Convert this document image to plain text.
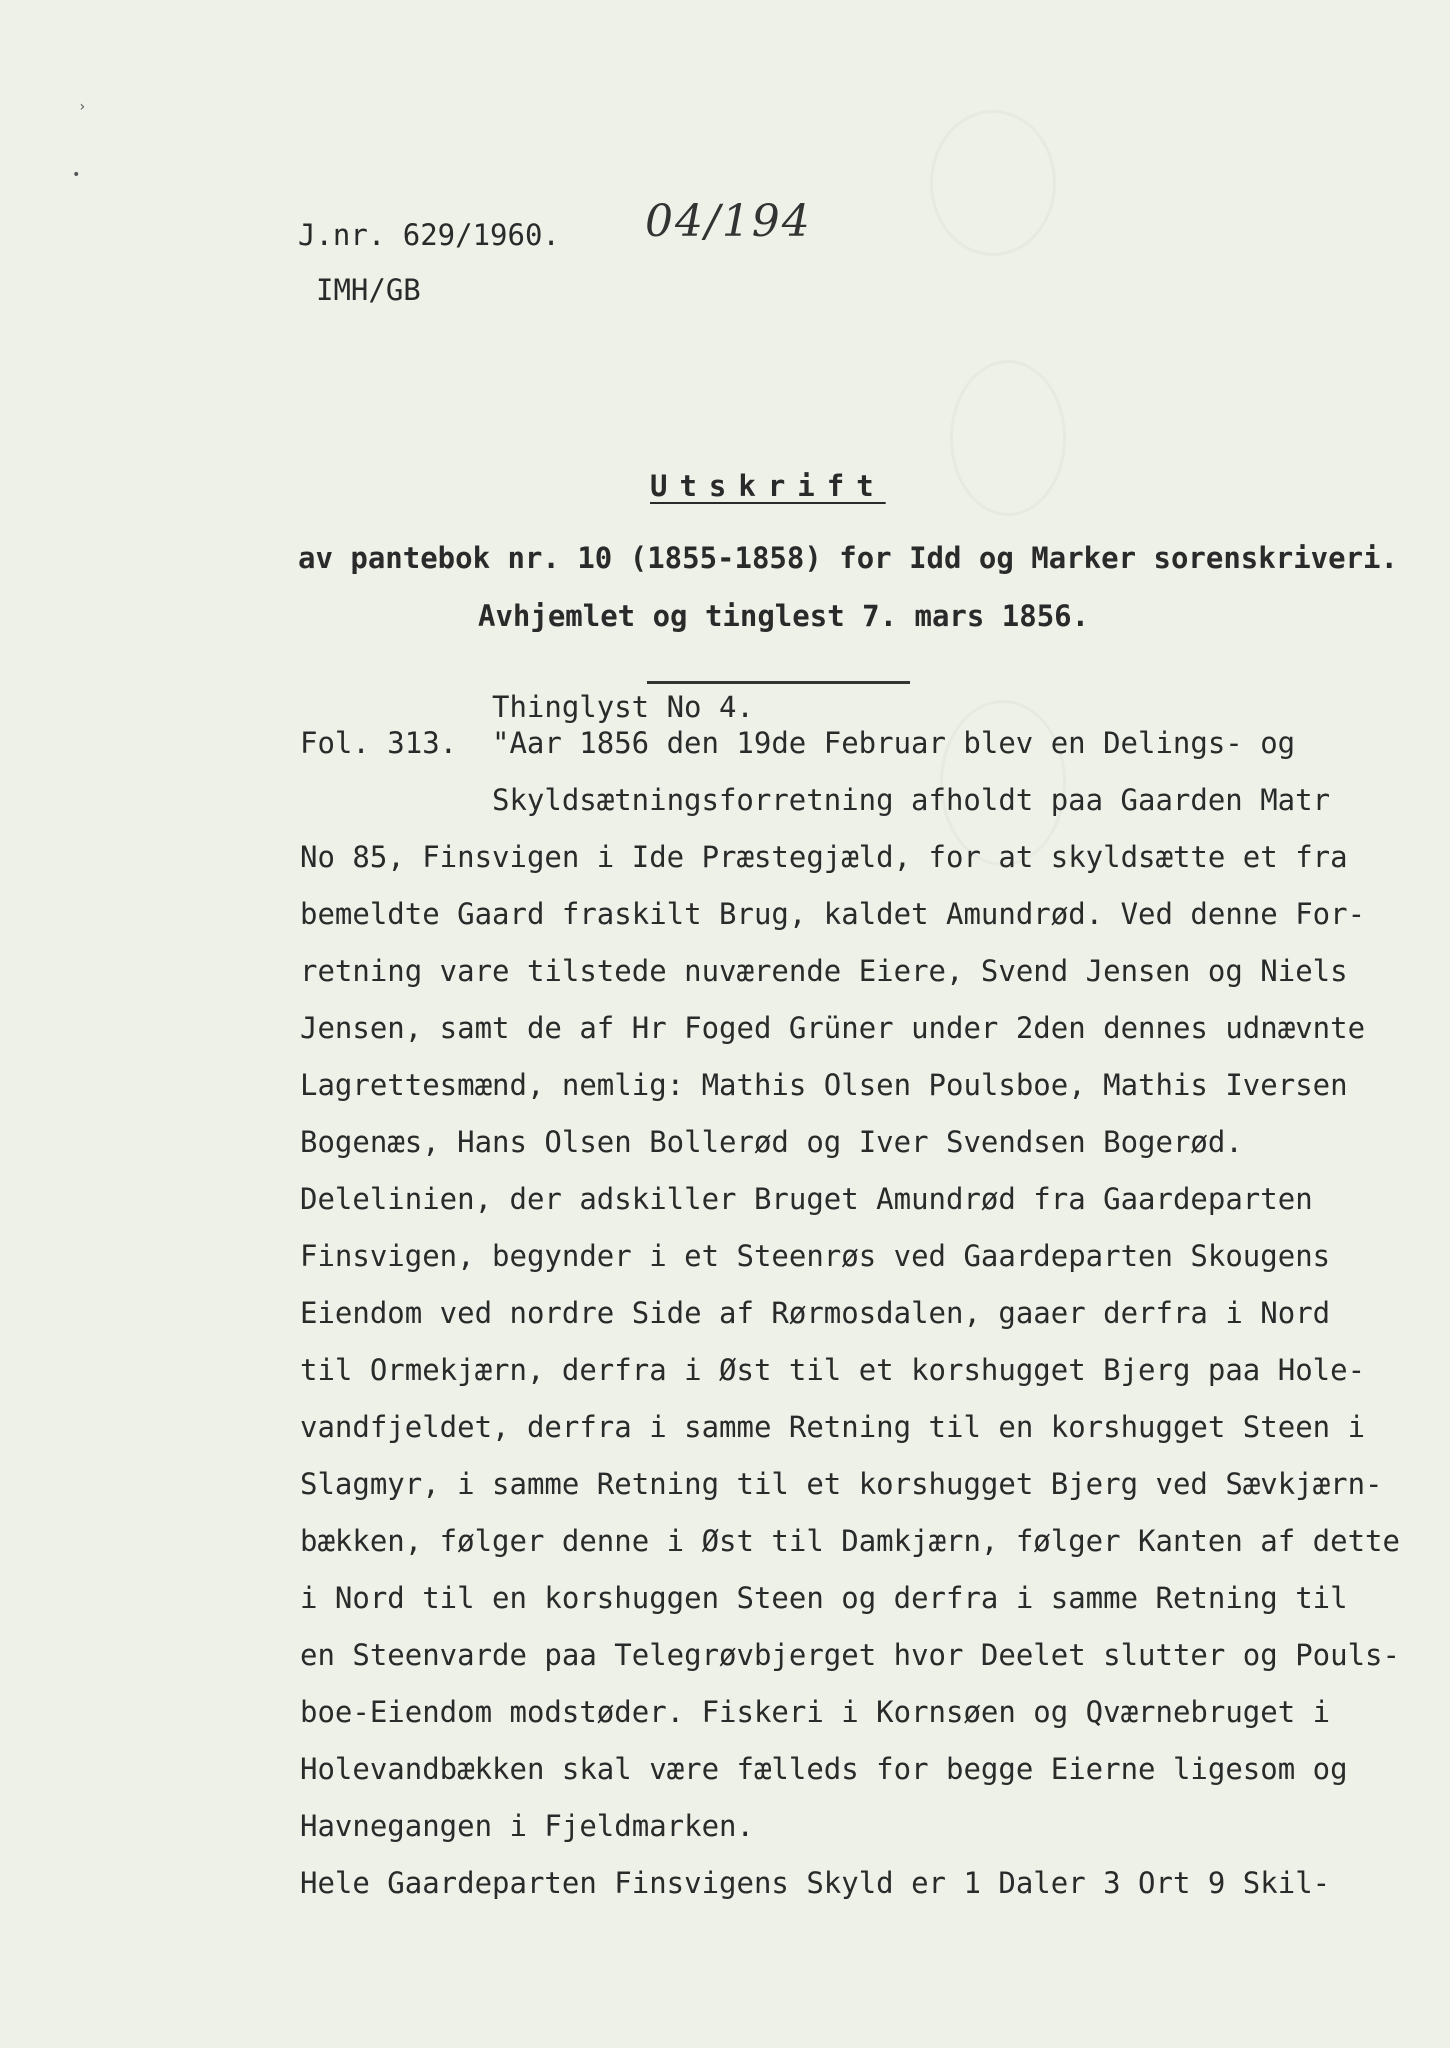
›
•
J.nr. 629/1960. 04/194
IMH/GB
Utskrift
av pantebok nr. 10 (1855-1858) for Idd og Marker sorenskriveri.
Avhjemlet og tinglest 7. mars 1856.
Thinglyst No 4.
Fol. 313. "Aar 1856 den 19de Februar blev en Delings- og
Skyldsætningsforretning afholdt paa Gaarden Matr
No 85, Finsvigen i Ide Præstegjæld, for at skyldsætte et fra
bemeldte Gaard fraskilt Brug, kaldet Amundrød. Ved denne For-
retning vare tilstede nuværende Eiere, Svend Jensen og Niels
Jensen, samt de af Hr Foged Grüner under 2den dennes udnævnte
Lagrettesmænd, nemlig: Mathis Olsen Poulsboe, Mathis Iversen
Bogenæs, Hans Olsen Bollerød og Iver Svendsen Bogerød.
Delelinien, der adskiller Bruget Amundrød fra Gaardeparten
Finsvigen, begynder i et Steenrøs ved Gaardeparten Skougens
Eiendom ved nordre Side af Rørmosdalen, gaaer derfra i Nord
til Ormekjærn, derfra i Øst til et korshugget Bjerg paa Hole-
vandfjeldet, derfra i samme Retning til en korshugget Steen i
Slagmyr, i samme Retning til et korshugget Bjerg ved Sævkjærn-
bækken, følger denne i Øst til Damkjærn, følger Kanten af dette
i Nord til en korshuggen Steen og derfra i samme Retning til
en Steenvarde paa Telegrøvbjerget hvor Deelet slutter og Pouls-
boe-Eiendom modstøder. Fiskeri i Kornsøen og Qværnebruget i
Holevandbækken skal være fælleds for begge Eierne ligesom og
Havnegangen i Fjeldmarken.
Hele Gaardeparten Finsvigens Skyld er 1 Daler 3 Ort 9 Skil-
